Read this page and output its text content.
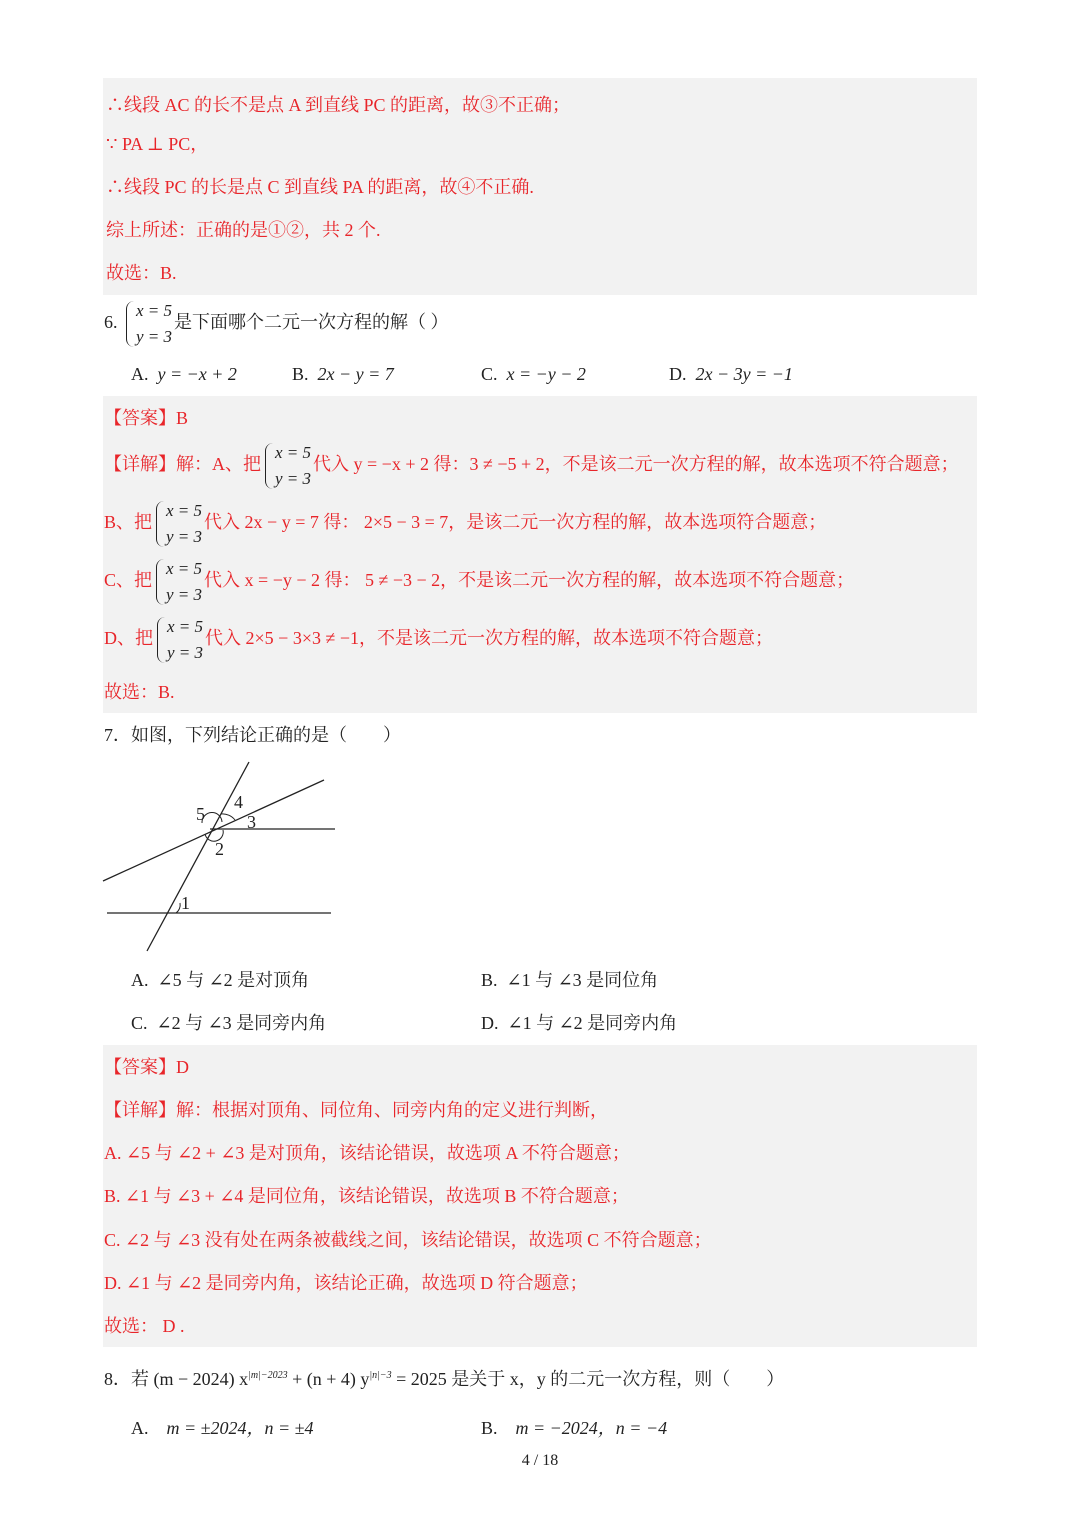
∴线段 AC 的长不是点 A 到直线 PC 的距离，故③不正确；
∵ PA ⊥ PC，
∴线段 PC 的长是点 C 到直线 PA 的距离，故④不正确.
综上所述：正确的是①②，共 2 个.
故选：B.
6.
x = 5
y = 3
是下面哪个二元一次方程的解（ ）
A. y = −x + 2	B. 2x − y = 7	C. x = −y − 2	D. 2x − 3y = −1
【答案】B
【详解】解：A、把
x = 5
y = 3
代入 y = −x + 2 得：3 ≠ −5 + 2，不是该二元一次方程的解，故本选项不符合题意；
B、把
x = 5
y = 3
代入 2x − y = 7 得： 2×5 − 3 = 7，是该二元一次方程的解，故本选项符合题意；
C、把
x = 5
y = 3
代入 x = −y − 2 得： 5 ≠ −3 − 2，不是该二元一次方程的解，故本选项不符合题意；
D、把
x = 5
y = 3
代入 2×5 − 3×3 ≠ −1，不是该二元一次方程的解，故本选项不符合题意；
故选：B.
7．如图，下列结论正确的是（　　）
5
4
3
2
1
A. ∠5 与 ∠2 是对顶角	B. ∠1 与 ∠3 是同位角
C. ∠2 与 ∠3 是同旁内角	D. ∠1 与 ∠2 是同旁内角
【答案】D
【详解】解：根据对顶角、同位角、同旁内角的定义进行判断，
A. ∠5 与 ∠2 + ∠3 是对顶角，该结论错误，故选项 A 不符合题意；
B. ∠1 与 ∠3 + ∠4 是同位角，该结论错误，故选项 B 不符合题意；
C. ∠2 与 ∠3 没有处在两条被截线之间，该结论错误，故选项 C 不符合题意；
D. ∠1 与 ∠2 是同旁内角，该结论正确，故选项 D 符合题意；
故选： D .
8．若 (m − 2024) $x^{|m|-2023} + (n + 4) y^{|n|-3} = 2025$ 是关于 x，y 的二元一次方程，则（　　）
A. m = ±2024，n = ±4	B. m = −2024，n = −4
4 / 18
